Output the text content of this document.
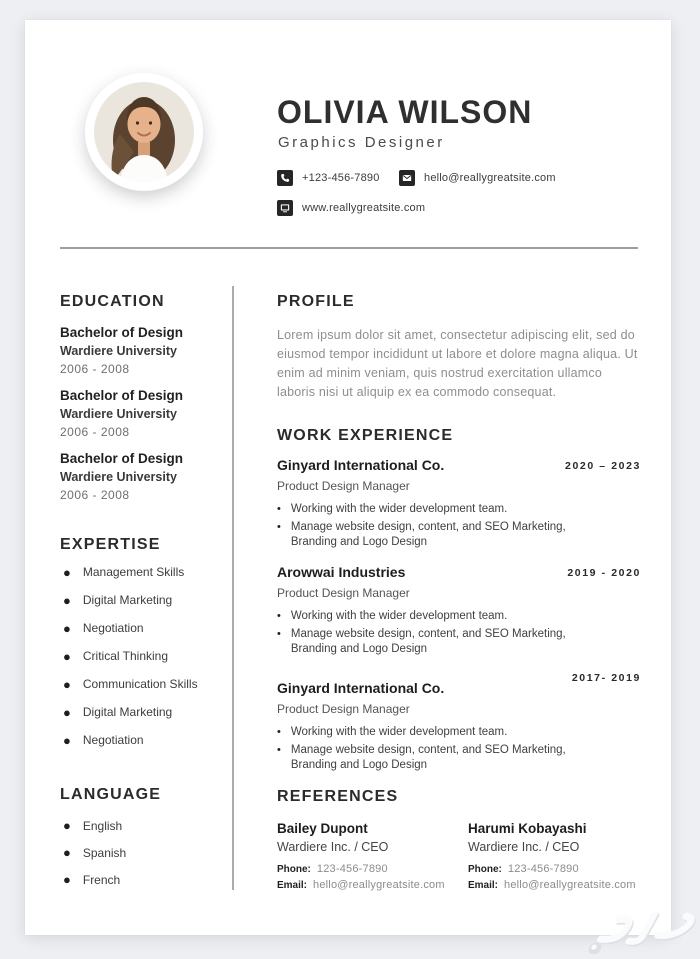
OLIVIA WILSON
Graphics Designer
+123-456-7890	hello@reallygreatsite.com
www.reallygreatsite.com
EDUCATION
Bachelor of Design
Wardiere University
2006 - 2008
Bachelor of Design
Wardiere University
2006 - 2008
Bachelor of Design
Wardiere University
2006 - 2008
EXPERTISE
● Management Skills
● Digital Marketing
● Negotiation
● Critical Thinking
● Communication Skills
● Digital Marketing
● Negotiation
LANGUAGE
● English
● Spanish
● French
PROFILE

Lorem ipsum dolor sit amet, consectetur adipiscing elit, sed do eiusmod tempor incididunt ut labore et dolore magna aliqua. Ut enim ad minim veniam, quis nostrud exercitation ullamco laboris nisi ut aliquip ex ea commodo consequat.

WORK EXPERIENCE
Ginyard International Co.	2020 – 2023
Product Design Manager
• Working with the wider development team.
• Manage website design, content, and SEO Marketing, Branding and Logo Design
Arowwai Industries	2019 - 2020
Product Design Manager
• Working with the wider development team.
• Manage website design, content, and SEO Marketing, Branding and Logo Design
Ginyard International Co.
2017- 2019
Product Design Manager
• Working with the wider development team.
• Manage website design, content, and SEO Marketing, Branding and Logo Design
REFERENCES
Bailey Dupont
Wardiere Inc. / CEO
Phone: 123-456-7890
Email: hello@reallygreatsite.com
Harumi Kobayashi
Wardiere Inc. / CEO
Phone: 123-456-7890
Email: hello@reallygreatsite.com
